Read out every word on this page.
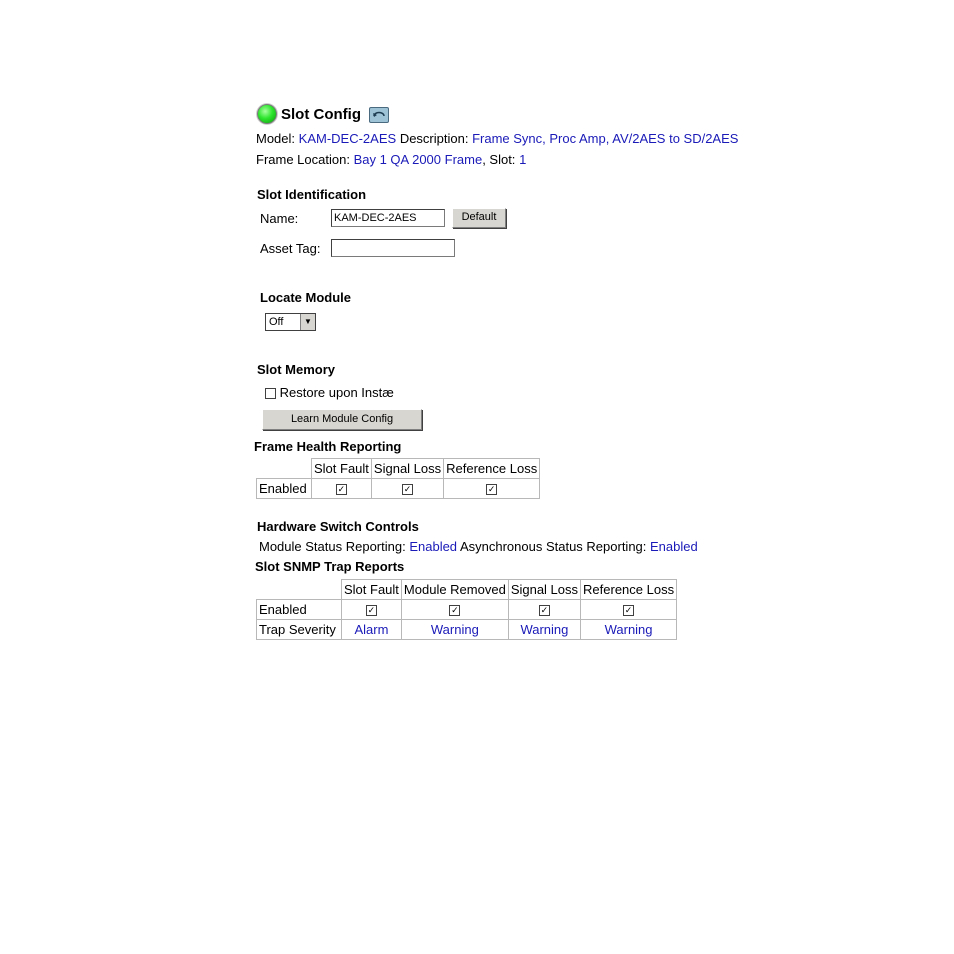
Slot Config
Model: KAM-DEC-2AES Description: Frame Sync, Proc Amp, AV/2AES to SD/2AES
Frame Location: Bay 1 QA 2000 Frame, Slot: 1
Slot Identification
Name:	KAM-DEC-2AES	Default
Asset Tag:
Locate Module
Off	▼
Slot Memory
Restore upon Instæ
Learn Module Config
Frame Health Reporting
	Slot Fault	Signal Loss	Reference Loss
Enabled	✓	✓	✓
Hardware Switch Controls
Module Status Reporting: Enabled Asynchronous Status Reporting: Enabled
Slot SNMP Trap Reports
	Slot Fault	Module Removed	Signal Loss	Reference Loss
Enabled	✓	✓	✓	✓
Trap Severity	Alarm	Warning	Warning	Warning
